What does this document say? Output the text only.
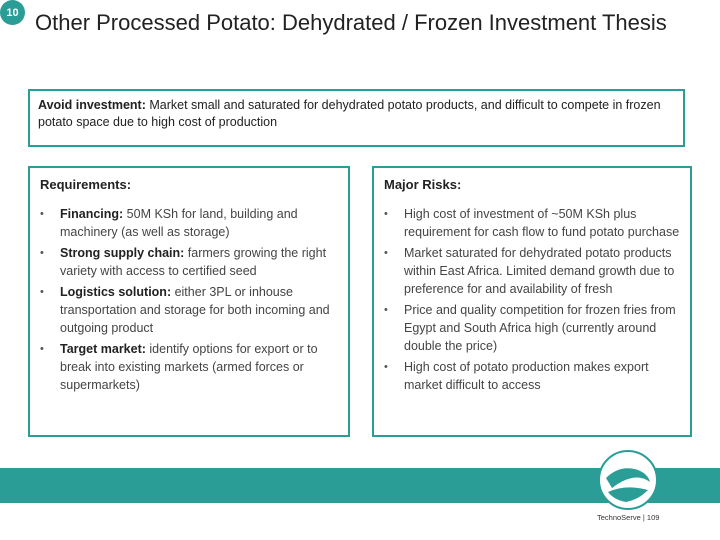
10 Other Processed Potato: Dehydrated / Frozen Investment Thesis
Avoid investment: Market small and saturated for dehydrated potato products, and difficult to compete in frozen potato space due to high cost of production
Requirements:
• Financing: 50M KSh for land, building and machinery (as well as storage)
• Strong supply chain: farmers growing the right variety with access to certified seed
• Logistics solution: either 3PL or inhouse transportation and storage for both incoming and outgoing product
• Target market: identify options for export or to break into existing markets (armed forces or supermarkets)
Major Risks:
• High cost of investment of ~50M KSh plus requirement for cash flow to fund potato purchase
• Market saturated for dehydrated potato products within East Africa. Limited demand growth due to preference for and availability of fresh
• Price and quality competition for frozen fries from Egypt and South Africa high (currently around double the price)
• High cost of potato production makes export market difficult to access
TechnoServe | 109
